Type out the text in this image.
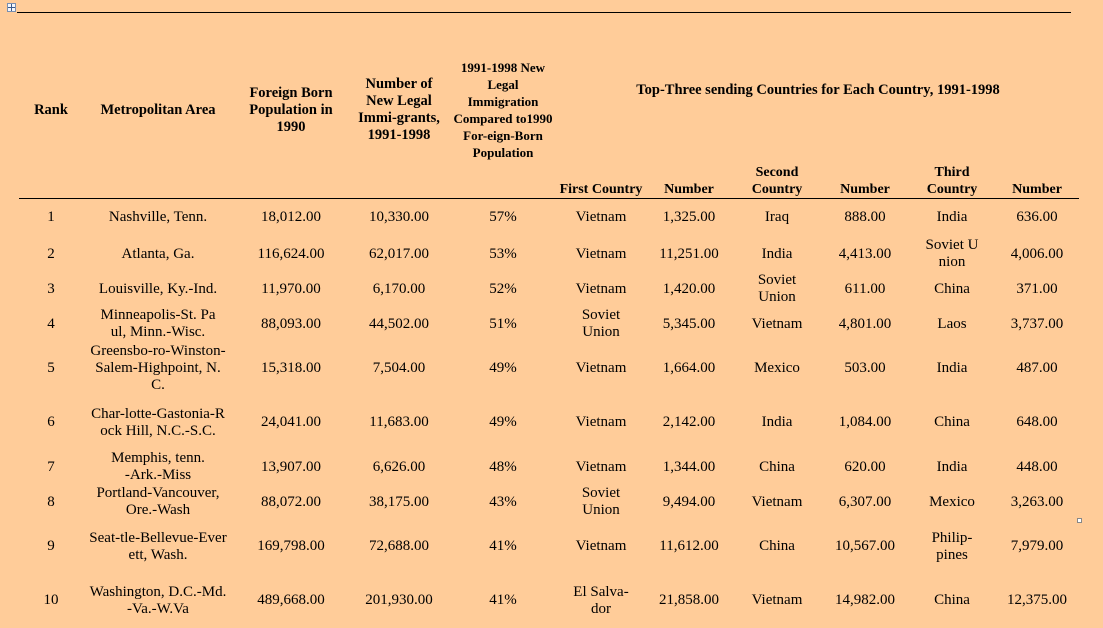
Rank	Metropolitan Area	Foreign Born Population in 1990	Number of New Legal Immi-grants, 1991-1998	1991-1998 New Legal Immigration Compared to1990 For-eign-Born Population	Top-Three sending Countries for Each Country, 1991-1998					
					First Country	Number	Second Country	Number	Third Country	Number
1	Nashville, Tenn.	18,012.00	10,330.00	57%	Vietnam	1,325.00	Iraq	888.00	India	636.00
2	Atlanta, Ga.	116,624.00	62,017.00	53%	Vietnam	11,251.00	India	4,413.00	Soviet Union	4,006.00
3	Louisville, Ky.-Ind.	11,970.00	6,170.00	52%	Vietnam	1,420.00	Soviet Union	611.00	China	371.00
4	Minneapolis-St. Paul, Minn.-Wisc.	88,093.00	44,502.00	51%	Soviet Union	5,345.00	Vietnam	4,801.00	Laos	3,737.00
5	Greensbo-ro-Winston-Salem-Highpoint, N.C.	15,318.00	7,504.00	49%	Vietnam	1,664.00	Mexico	503.00	India	487.00
6	Char-lotte-Gastonia-Rock Hill, N.C.-S.C.	24,041.00	11,683.00	49%	Vietnam	2,142.00	India	1,084.00	China	648.00
7	Memphis, tenn.-Ark.-Miss	13,907.00	6,626.00	48%	Vietnam	1,344.00	China	620.00	India	448.00
8	Portland-Vancouver, Ore.-Wash	88,072.00	38,175.00	43%	Soviet Union	9,494.00	Vietnam	6,307.00	Mexico	3,263.00
9	Seat-tle-Bellevue-Everett, Wash.	169,798.00	72,688.00	41%	Vietnam	11,612.00	China	10,567.00	Philip-pines	7,979.00
10	Washington, D.C.-Md.-Va.-W.Va	489,668.00	201,930.00	41%	El Salva-dor	21,858.00	Vietnam	14,982.00	China	12,375.00
